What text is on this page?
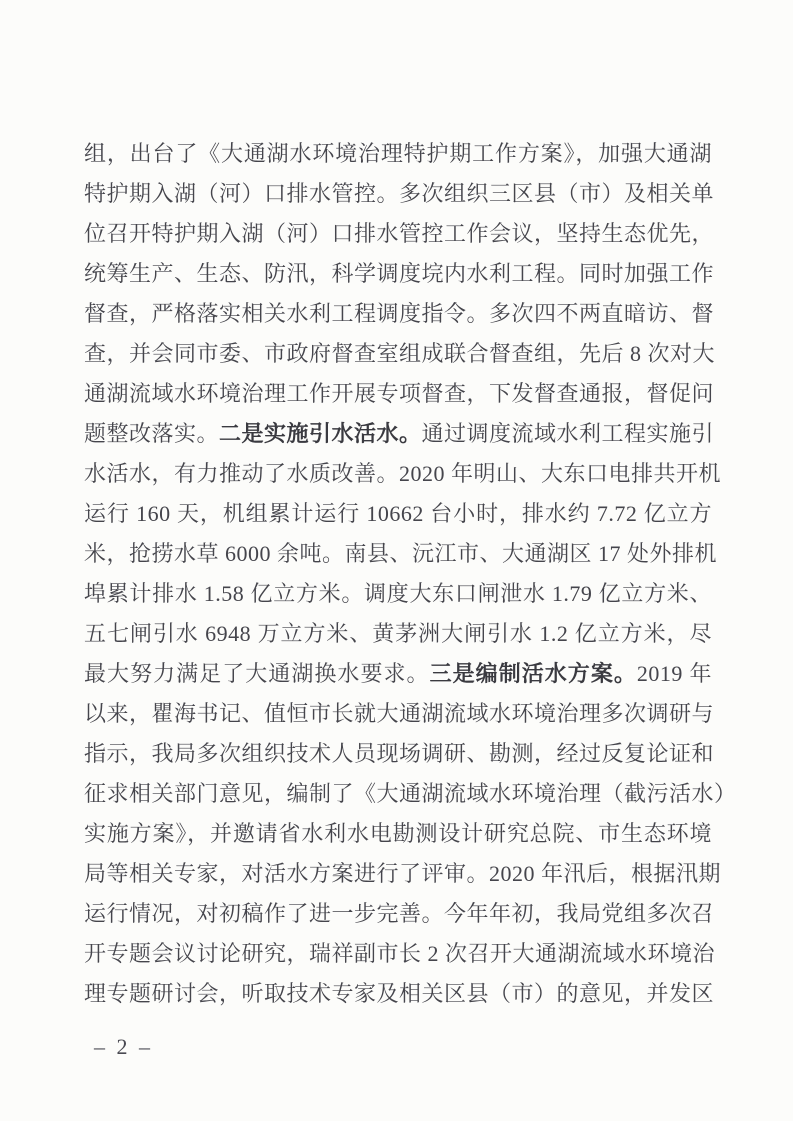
组，出台了《大通湖水环境治理特护期工作方案》，加强大通湖
特护期入湖（河）口排水管控。多次组织三区县（市）及相关单
位召开特护期入湖（河）口排水管控工作会议，坚持生态优先，
统筹生产、生态、防汛，科学调度垸内水利工程。同时加强工作
督查，严格落实相关水利工程调度指令。多次四不两直暗访、督
查，并会同市委、市政府督查室组成联合督查组，先后 8 次对大
通湖流域水环境治理工作开展专项督查，下发督查通报，督促问
题整改落实。二是实施引水活水。通过调度流域水利工程实施引
水活水，有力推动了水质改善。2020 年明山、大东口电排共开机
运行 160 天，机组累计运行 10662 台小时，排水约 7.72 亿立方
米，抢捞水草 6000 余吨。南县、沅江市、大通湖区 17 处外排机
埠累计排水 1.58 亿立方米。调度大东口闸泄水 1.79 亿立方米、
五七闸引水 6948 万立方米、黄茅洲大闸引水 1.2 亿立方米，尽
最大努力满足了大通湖换水要求。三是编制活水方案。2019 年
以来，瞿海书记、值恒市长就大通湖流域水环境治理多次调研与
指示，我局多次组织技术人员现场调研、勘测，经过反复论证和
征求相关部门意见，编制了《大通湖流域水环境治理（截污活水）
实施方案》，并邀请省水利水电勘测设计研究总院、市生态环境
局等相关专家，对活水方案进行了评审。2020 年汛后，根据汛期
运行情况，对初稿作了进一步完善。今年年初，我局党组多次召
开专题会议讨论研究，瑞祥副市长 2 次召开大通湖流域水环境治
理专题研讨会，听取技术专家及相关区县（市）的意见，并发区
– 2 –
